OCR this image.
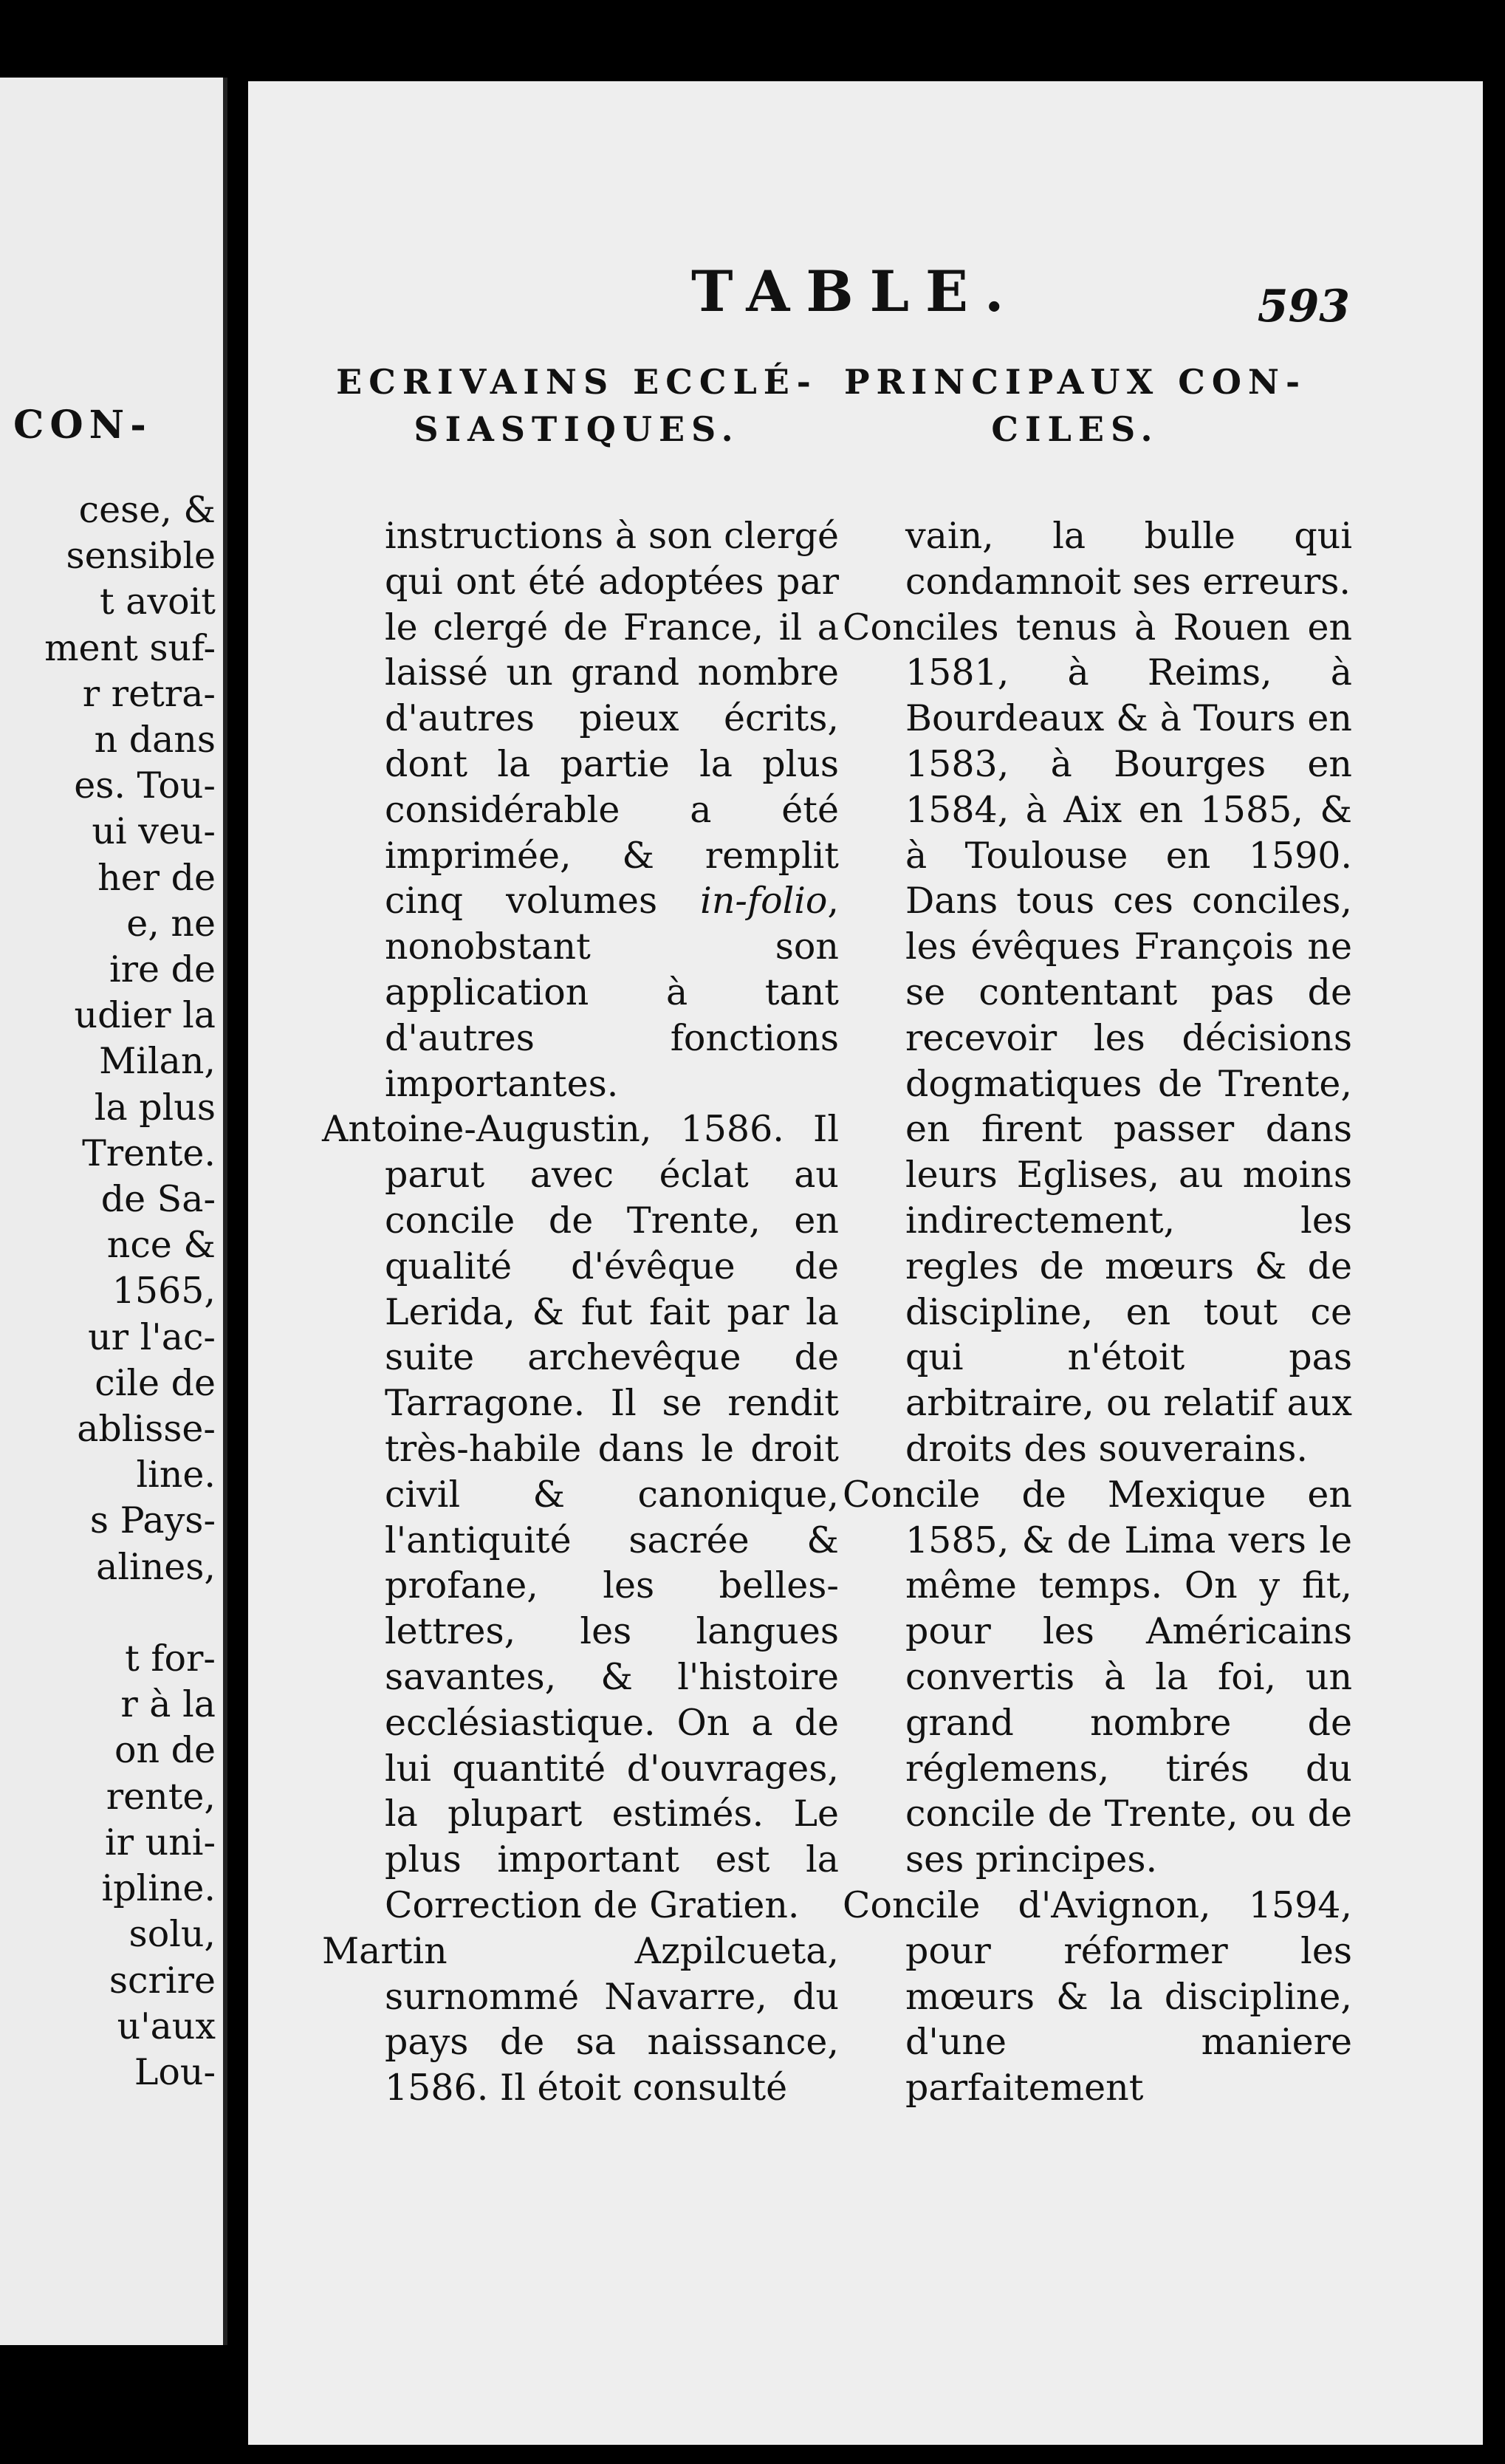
CON-
cese, &
sensible
t avoit
ment suf-
r retra-
n dans
es. Tou-
ui veu-
her de
e, ne
ire de
udier la
Milan,
la plus
Trente.
de Sa-
nce &
1565,
ur l'ac-
cile de
ablisse-
line.
s Pays-
alines,

t for-
r à la
on de
rente,
ir uni-
ipline.
solu,
scrire
u'aux
Lou-
TABLE.	593
ECRIVAINS ECCLÉ-
SIASTIQUES.
PRINCIPAUX CON-
CILES.

instructions à son clergé qui ont été adoptées par le clergé de France, il a laissé un grand nombre d'autres pieux écrits, dont la partie la plus considérable a été imprimée, & remplit cinq volumes in-folio, nonobstant son application à tant d'autres fonctions importantes.

Antoine-Augustin, 1586. Il parut avec éclat au concile de Trente, en qualité d'évêque de Lerida, & fut fait par la suite archevêque de Tarragone. Il se rendit très-habile dans le droit civil & canonique, l'antiquité sacrée & profane, les belles-lettres, les langues savantes, & l'histoire ecclésiastique. On a de lui quantité d'ouvrages, la plupart estimés. Le plus important est la Correction de Gratien.

Martin Azpilcueta, surnommé Navarre, du pays de sa naissance, 1586. Il étoit consulté

vain, la bulle qui condamnoit ses erreurs.

Conciles tenus à Rouen en 1581, à Reims, à Bourdeaux & à Tours en 1583, à Bourges en 1584, à Aix en 1585, & à Toulouse en 1590. Dans tous ces conciles, les évêques François ne se contentant pas de recevoir les décisions dogmatiques de Trente, en firent passer dans leurs Eglises, au moins indirectement, les regles de mœurs & de discipline, en tout ce qui n'étoit pas arbitraire, ou relatif aux droits des souverains.

Concile de Mexique en 1585, & de Lima vers le même temps. On y fit, pour les Américains convertis à la foi, un grand nombre de réglemens, tirés du concile de Trente, ou de ses principes.

Concile d'Avignon, 1594, pour réformer les mœurs & la discipline, d'une maniere parfaitement
